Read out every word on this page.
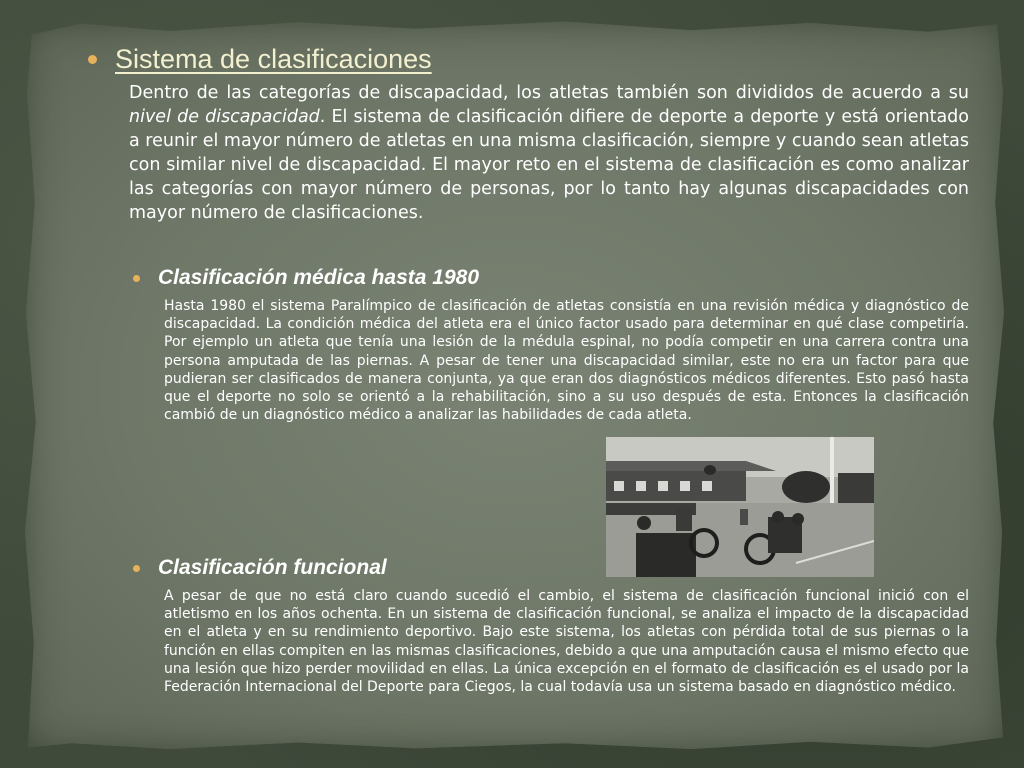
Sistema de clasificaciones

Dentro de las categorías de discapacidad, los atletas también son divididos de acuerdo a su nivel de discapacidad. El sistema de clasificación difiere de deporte a deporte y está orientado a reunir el mayor número de atletas en una misma clasificación, siempre y cuando sean atletas con similar nivel de discapacidad. El mayor reto en el sistema de clasificación es como analizar las categorías con mayor número de personas, por lo tanto hay algunas discapacidades con mayor número de clasificaciones.

Clasificación médica hasta 1980

Hasta 1980 el sistema Paralímpico de clasificación de atletas consistía en una revisión médica y diagnóstico de discapacidad. La condición médica del atleta era el único factor usado para determinar en qué clase competiría. Por ejemplo un atleta que tenía una lesión de la médula espinal, no podía competir en una carrera contra una persona amputada de las piernas. A pesar de tener una discapacidad similar, este no era un factor para que pudieran ser clasificados de manera conjunta, ya que eran dos diagnósticos médicos diferentes. Esto pasó hasta que el deporte no solo se orientó a la rehabilitación, sino a su uso después de esta. Entonces la clasificación cambió de un diagnóstico médico a analizar las habilidades de cada atleta.

Clasificación funcional

A pesar de que no está claro cuando sucedió el cambio, el sistema de clasificación funcional inició con el atletismo en los años ochenta. En un sistema de clasificación funcional, se analiza el impacto de la discapacidad en el atleta y en su rendimiento deportivo. Bajo este sistema, los atletas con pérdida total de sus piernas o la función en ellas compiten en las mismas clasificaciones, debido a que una amputación causa el mismo efecto que una lesión que hizo perder movilidad en ellas. La única excepción en el formato de clasificación es el usado por la Federación Internacional del Deporte para Ciegos, la cual todavía usa un sistema basado en diagnóstico médico.
